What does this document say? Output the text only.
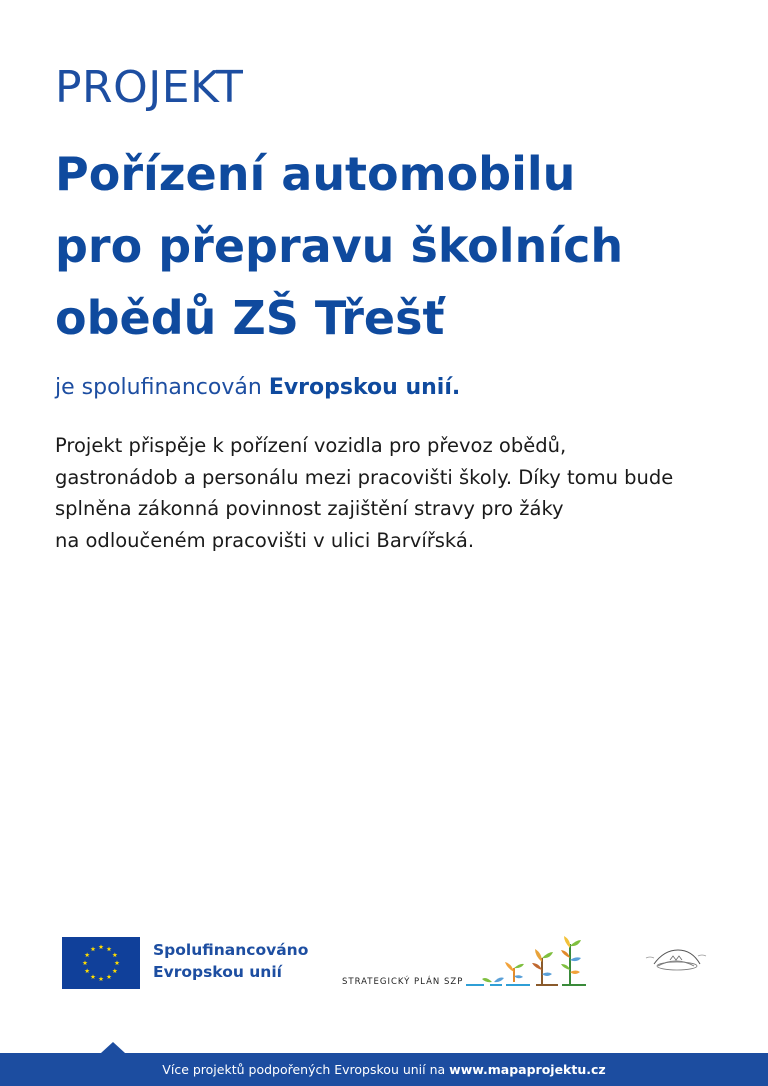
PROJEKT
Pořízení automobilu
pro přepravu školních
obědů ZŠ Třešť
je spolufinancován Evropskou unií.
Projekt přispěje k pořízení vozidla pro převoz obědů,
gastronádob a personálu mezi pracovišti školy. Díky tomu bude
splněna zákonná povinnost zajištění stravy pro žáky
na odloučeném pracovišti v ulici Barvířská.
Spolufinancováno
Evropskou unií
STRATEGICKÝ PLÁN SZP
Více projektů podpořených Evropskou unií na www.mapaprojektu.cz
